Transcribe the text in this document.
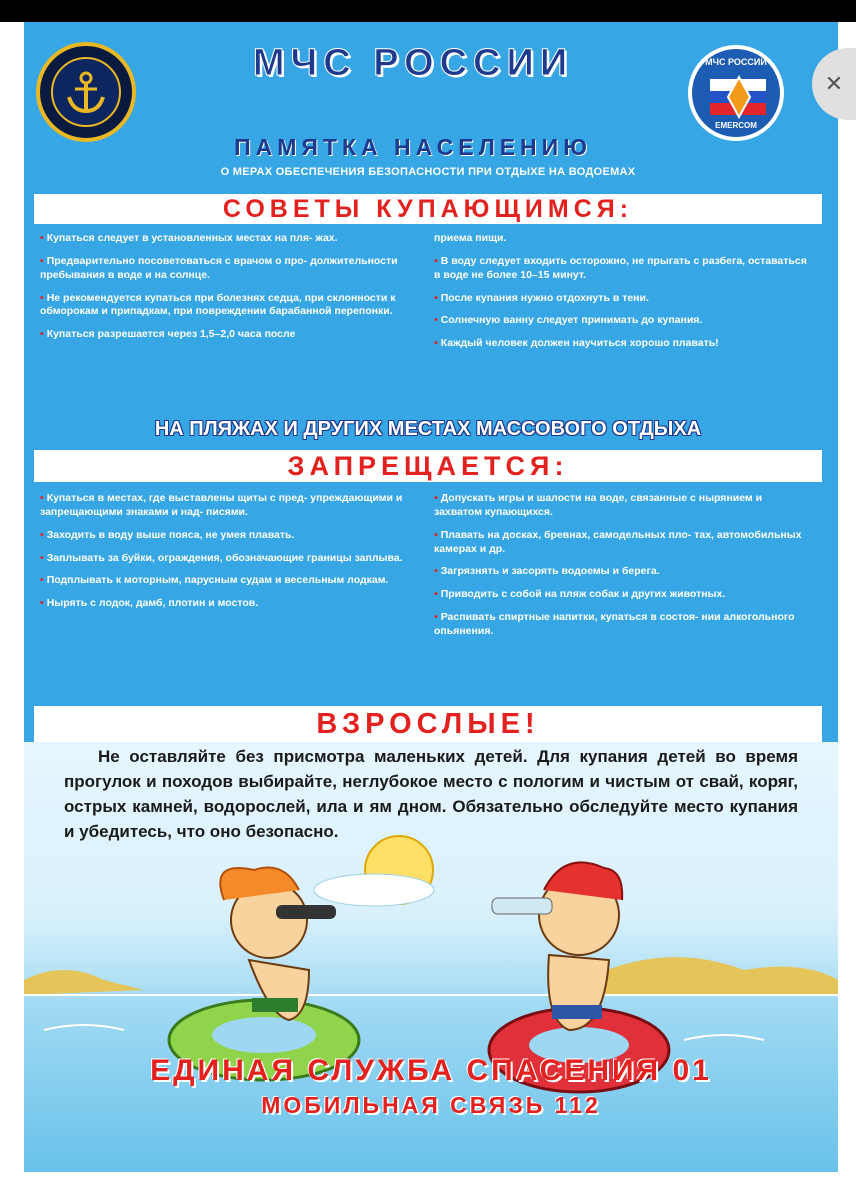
МЧС РОССИИ
EMERCOM
✕
МЧС РОССИИ
ПАМЯТКА НАСЕЛЕНИЮ
О МЕРАХ ОБЕСПЕЧЕНИЯ БЕЗОПАСНОСТИ ПРИ ОТДЫХЕ НА ВОДОЕМАХ
СОВЕТЫ КУПАЮЩИМСЯ:
• Купаться следует в установленных местах на пля- жах.
• Предварительно посоветоваться с врачом о про- должительности пребывания в воде и на солнце.
• Не рекомендуется купаться при болезнях седца, при склонности к обморокам и припадкам, при повреждении барабанной перепонки.
• Купаться разрешается через 1,5–2,0 часа после
приема пищи.
• В воду следует входить осторожно, не прыгать с разбега, оставаться в воде не более 10–15 минут.
• После купания нужно отдохнуть в тени.
• Солнечную ванну следует принимать до купания.
• Каждый человек должен научиться хорошо плавать!
НА ПЛЯЖАХ И ДРУГИХ МЕСТАХ МАССОВОГО ОТДЫХА
ЗАПРЕЩАЕТСЯ:
• Купаться в местах, где выставлены щиты с пред- упреждающими и запрещающими знаками и над- писями.
• Заходить в воду выше пояса, не умея плавать.
• Заплывать за буйки, ограждения, обозначающие границы заплыва.
• Подплывать к моторным, парусным судам и весельным лодкам.
• Нырять с лодок, дамб, плотин и мостов.
• Допускать игры и шалости на воде, связанные с нырянием и захватом купающихся.
• Плавать на досках, бревнах, самодельных пло- тах, автомобильных камерах и др.
• Загрязнять и засорять водоемы и берега.
• Приводить с собой на пляж собак и других животных.
• Распивать спиртные напитки, купаться в состоя- нии алкогольного опьянения.
ВЗРОСЛЫЕ!

Не оставляйте без присмотра маленьких детей. Для купания детей во время прогулок и походов выбирайте, неглубокое место с пологим и чистым от свай, коряг, острых камней, водорослей, ила и ям дном. Обязательно обследуйте место купания и убедитесь, что оно безопасно.

ЕДИНАЯ СЛУЖБА СПАСЕНИЯ 01
МОБИЛЬНАЯ СВЯЗЬ 112
